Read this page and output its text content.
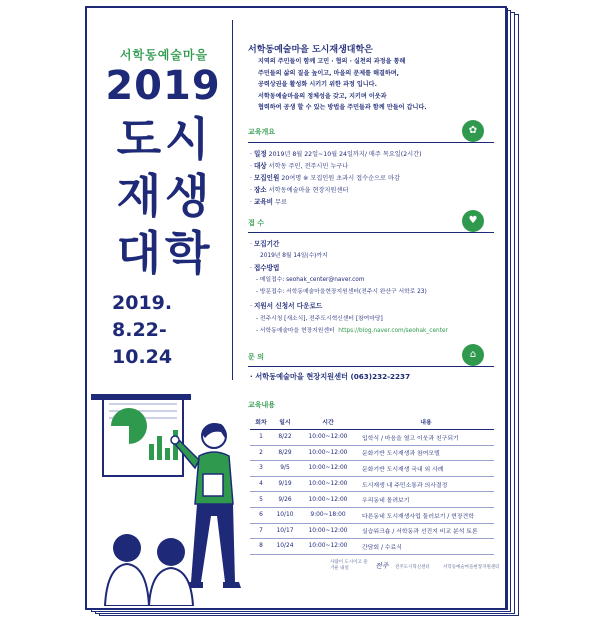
서학동예술마을
2019
도시
재생
대학
2019.
8.22-
10.24
서학동예술마을 도시재생대학은
지역의 주민들이 함께 고민 · 협의 · 실천의 과정을 통해
주민들의 삶의 질을 높이고, 마을의 문제를 해결하며,
공력상권을 활성화 시키기 위한 과정 입니다.
서학동예술마을의 정체성을 갖고, 지키며 이웃과
협력하여 공생 할 수 있는 방법을 주민들과 함께 만들어 갑니다.
교육개요	✿
· 일정 2019년 8월 22일~10월 24일까지/ 매주 목요일(2시간)
· 대상 서학동 주민, 전주시민 누구나
· 모집인원 20여명 ※ 모집인원 초과시 접수순으로 마감
· 장소 서학동예술마을 현장지원센터
· 교육비 무료
접 수	♥
· 모집기간
2019년 8월 14일(수)까지
· 접수방법
- 메일접수: seohak_center@naver.com
- 방문접수: 서학동예술마을현장지원센터(전주시 완산구 서학로 23)
· 지원서 신청서 다운로드
- 전주시청 [새소식], 전주도시혁신센터 [참여마당]
- 서학동예술마을 현장지원센터 https://blog.naver.com/seohak_center
문 의	⌂
· 서학동예술마을 현장지원센터 (063)232-2237
교육내용
회차	일시	시간	내용
1	8/22	10:00~12:00	입학식 / 마음을 열고 이웃과 친구되기
2	8/29	10:00~12:00	문화기반 도시재생과 참여모델
3	9/5	10:00~12:00	문화기반 도시재생 국내 외 사례
4	9/19	10:00~12:00	도시재생 내 주민소통과 의사결정
5	9/26	10:00~12:00	우리동네 돌려보기
6	10/10	9:00~18:00	다른동네 도시재생사업 둘러보기 / 현장견학
7	10/17	10:00~12:00	실습워크숍 / 서학동과 선진지 비교 분석 토론
8	10/24	10:00~12:00	간담회 / 수료식
사람이 도시이고 즐거운 내일	전주 전주도시혁신센터	서학동예술마을현장지원센터
